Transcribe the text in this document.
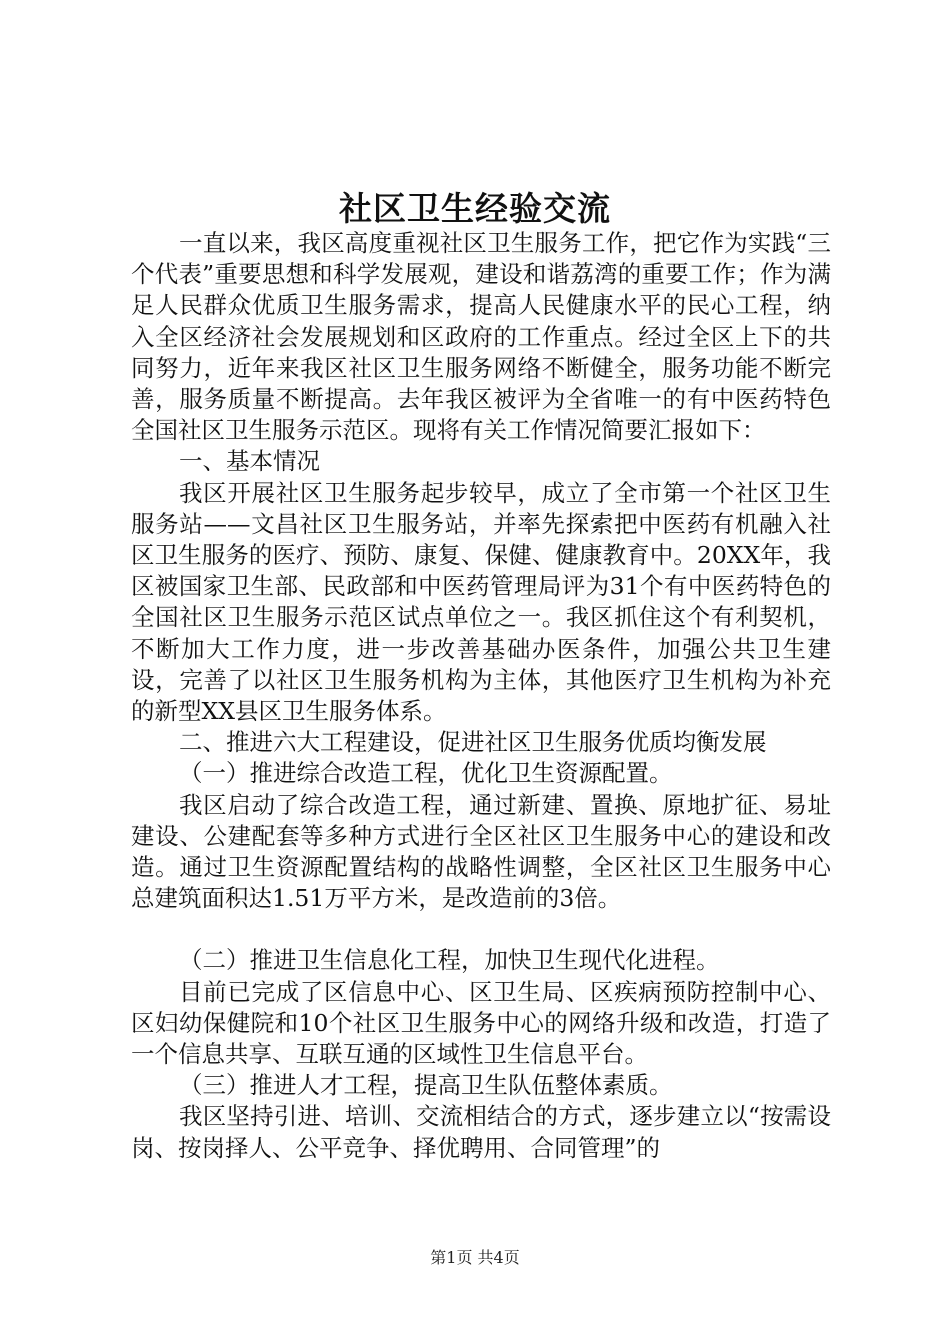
社区卫生经验交流

一直以来，我区高度重视社区卫生服务工作，把它作为实践“三个代表”重要思想和科学发展观，建设和谐荔湾的重要工作；作为满足人民群众优质卫生服务需求，提高人民健康水平的民心工程，纳入全区经济社会发展规划和区政府的工作重点。经过全区上下的共同努力，近年来我区社区卫生服务网络不断健全，服务功能不断完善，服务质量不断提高。去年我区被评为全省唯一的有中医药特色全国社区卫生服务示范区。现将有关工作情况简要汇报如下：

一、基本情况

我区开展社区卫生服务起步较早，成立了全市第一个社区卫生服务站——文昌社区卫生服务站，并率先探索把中医药有机融入社区卫生服务的医疗、预防、康复、保健、健康教育中。20XX年，我区被国家卫生部、民政部和中医药管理局评为31个有中医药特色的全国社区卫生服务示范区试点单位之一。我区抓住这个有利契机，不断加大工作力度，进一步改善基础办医条件，加强公共卫生建设，完善了以社区卫生服务机构为主体，其他医疗卫生机构为补充的新型XX县区卫生服务体系。

二、推进六大工程建设，促进社区卫生服务优质均衡发展

（一）推进综合改造工程，优化卫生资源配置。

我区启动了综合改造工程，通过新建、置换、原地扩征、易址建设、公建配套等多种方式进行全区社区卫生服务中心的建设和改造。通过卫生资源配置结构的战略性调整，全区社区卫生服务中心总建筑面积达1.51万平方米，是改造前的3倍。

（二）推进卫生信息化工程，加快卫生现代化进程。

目前已完成了区信息中心、区卫生局、区疾病预防控制中心、区妇幼保健院和10个社区卫生服务中心的网络升级和改造，打造了一个信息共享、互联互通的区域性卫生信息平台。

（三）推进人才工程，提高卫生队伍整体素质。

我区坚持引进、培训、交流相结合的方式，逐步建立以“按需设岗、按岗择人、公平竞争、择优聘用、合同管理”的

第1页 共4页
